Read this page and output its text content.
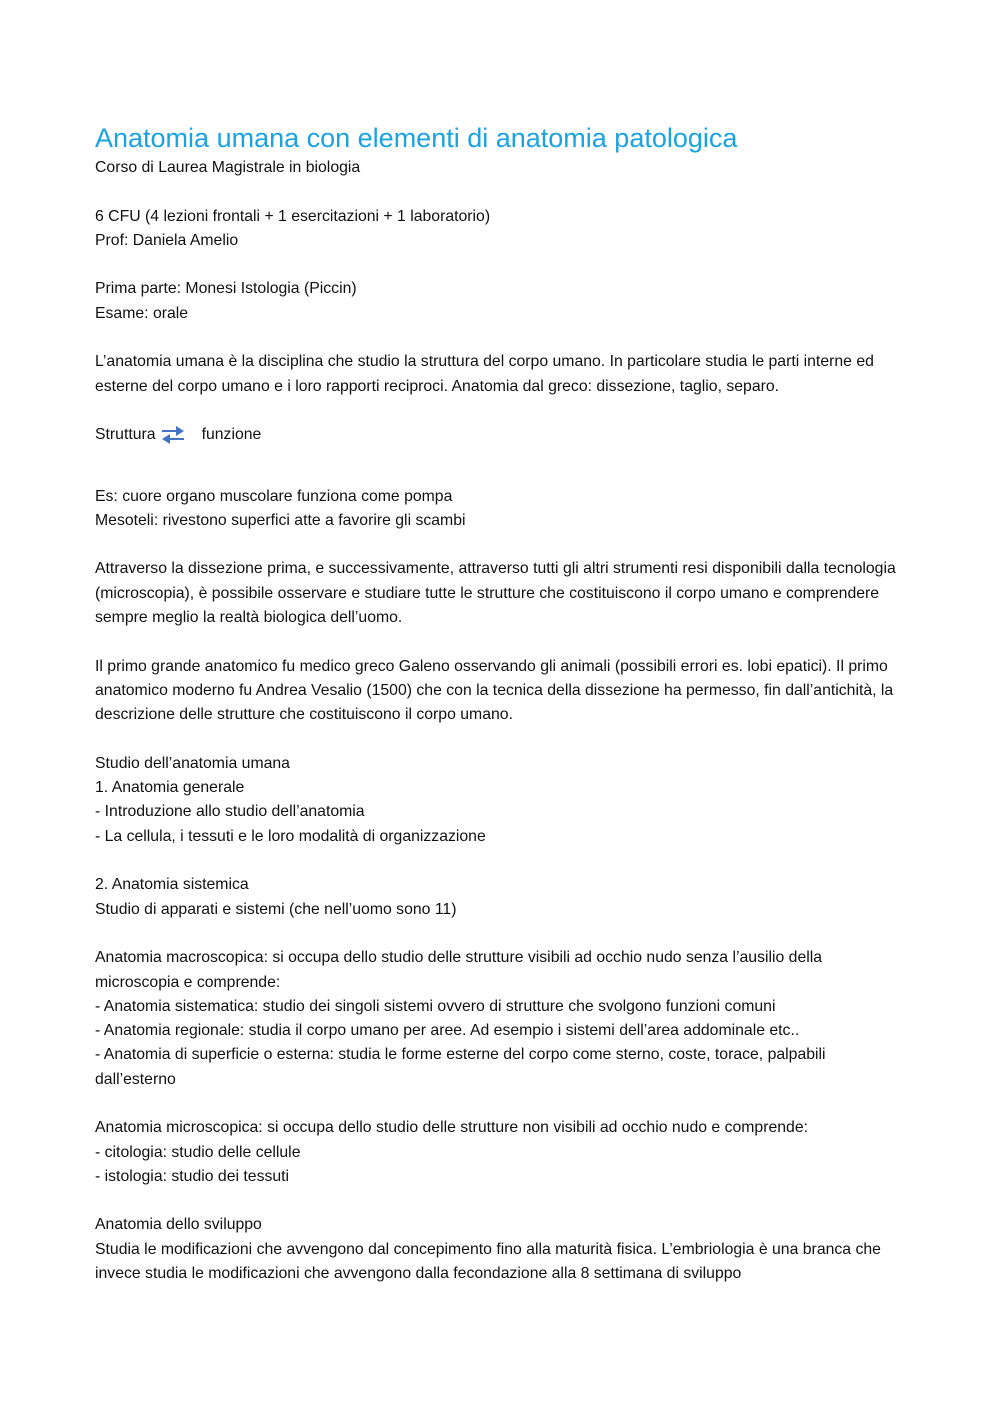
Anatomia umana con elementi di anatomia patologica

Corso di Laurea Magistrale in biologia

6 CFU (4 lezioni frontali + 1 esercitazioni + 1 laboratorio)

Prof: Daniela Amelio

Prima parte: Monesi Istologia (Piccin)

Esame: orale

L’anatomia umana è la disciplina che studio la struttura del corpo umano. In particolare studia le parti interne ed esterne del corpo umano e i loro rapporti reciproci. Anatomia dal greco: dissezione, taglio, separo.

Struttura	funzione

Es: cuore organo muscolare funziona come pompa

Mesoteli: rivestono superfici atte a favorire gli scambi

Attraverso la dissezione prima, e successivamente, attraverso tutti gli altri strumenti resi disponibili dalla tecnologia (microscopia), è possibile osservare e studiare tutte le strutture che costituiscono il corpo umano e comprendere sempre meglio la realtà biologica dell’uomo.

Il primo grande anatomico fu medico greco Galeno osservando gli animali (possibili errori es. lobi epatici). Il primo anatomico moderno fu Andrea Vesalio (1500) che con la tecnica della dissezione ha permesso, fin dall’antichità, la descrizione delle strutture che costituiscono il corpo umano.

Studio dell’anatomia umana

1. Anatomia generale

- Introduzione allo studio dell’anatomia

- La cellula, i tessuti e le loro modalità di organizzazione

2. Anatomia sistemica

Studio di apparati e sistemi (che nell’uomo sono 11)

Anatomia macroscopica: si occupa dello studio delle strutture visibili ad occhio nudo senza l’ausilio della microscopia e comprende:

- Anatomia sistematica: studio dei singoli sistemi ovvero di strutture che svolgono funzioni comuni

- Anatomia regionale: studia il corpo umano per aree. Ad esempio i sistemi dell’area addominale etc..

- Anatomia di superficie o esterna: studia le forme esterne del corpo come sterno, coste, torace, palpabili dall’esterno

Anatomia microscopica: si occupa dello studio delle strutture non visibili ad occhio nudo e comprende:

- citologia: studio delle cellule

- istologia: studio dei tessuti

Anatomia dello sviluppo

Studia le modificazioni che avvengono dal concepimento fino alla maturità fisica. L’embriologia è una branca che invece studia le modificazioni che avvengono dalla fecondazione alla 8 settimana di sviluppo
